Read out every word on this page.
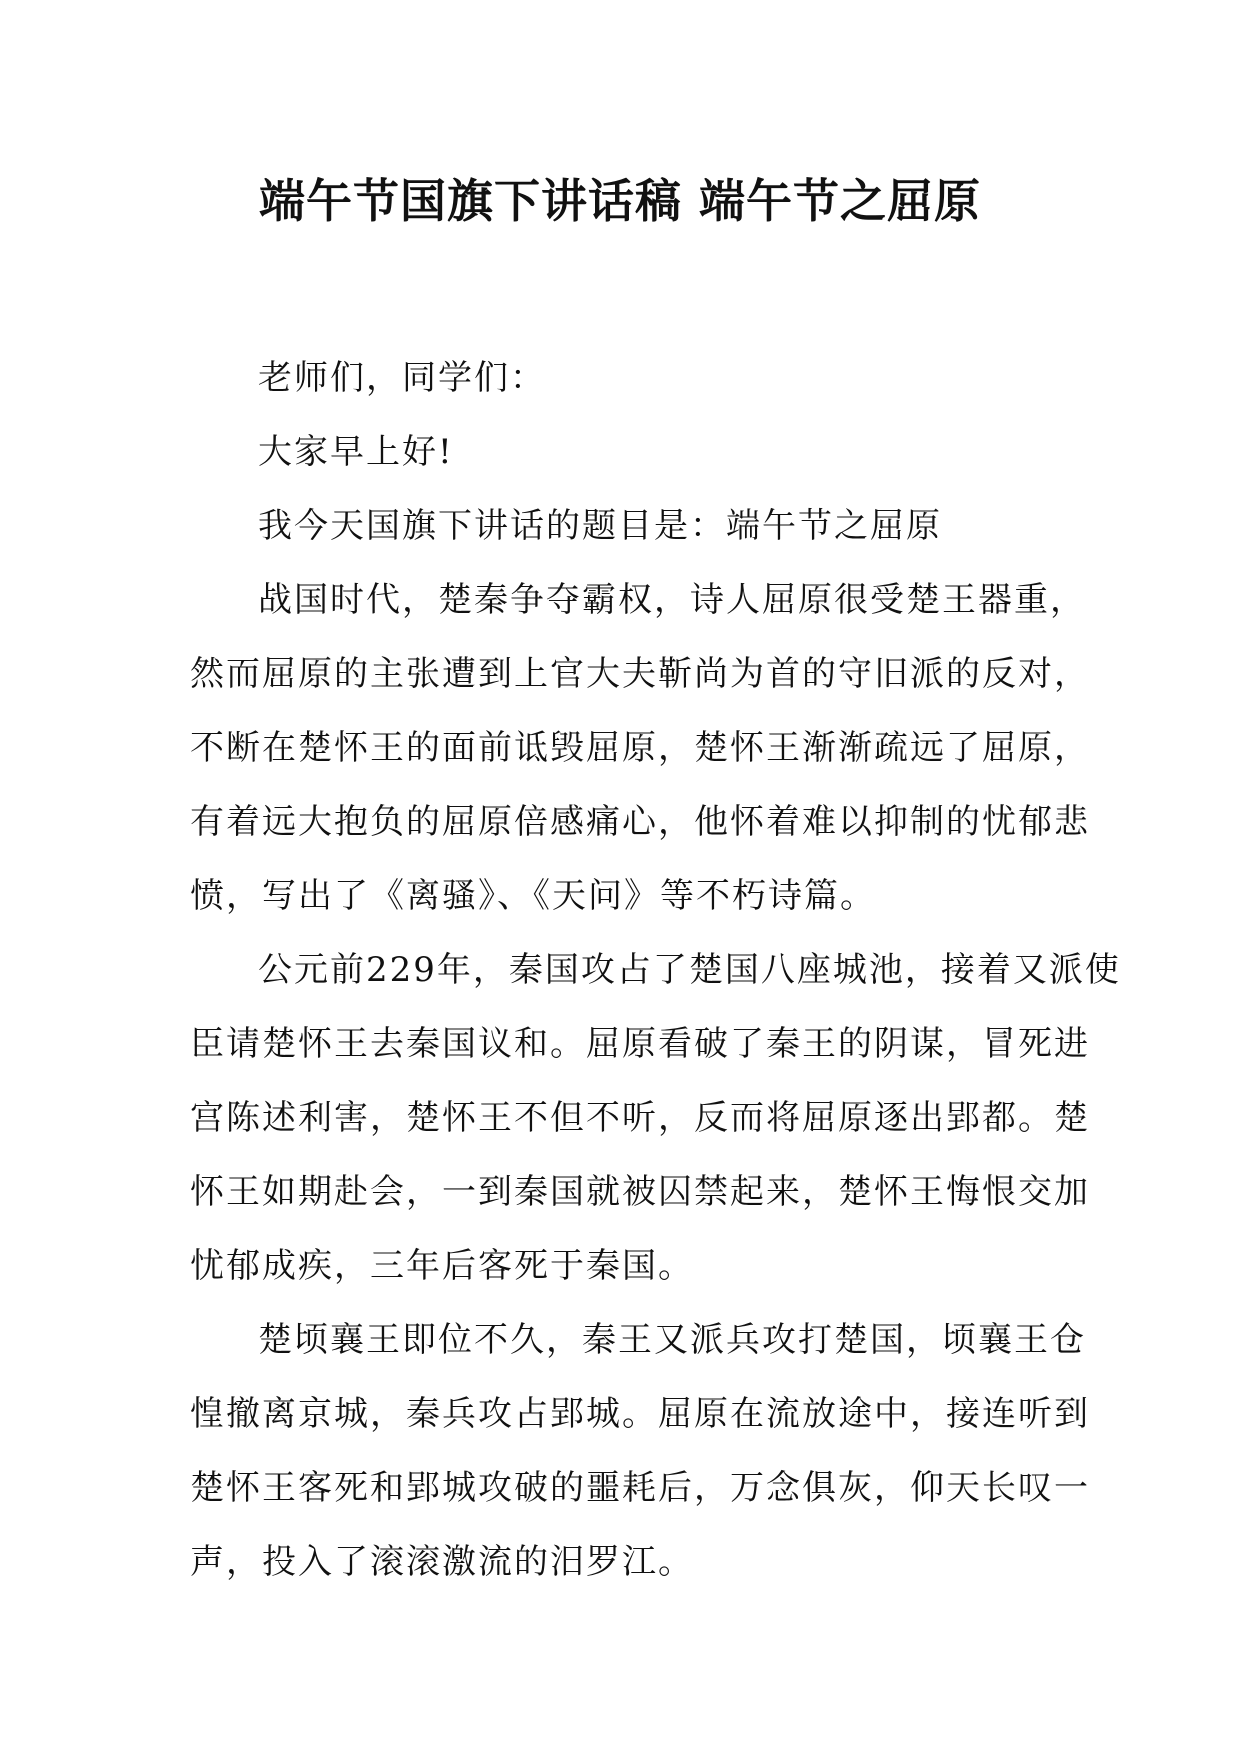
端午节国旗下讲话稿 端午节之屈原
老师们，同学们：
大家早上好!
我今天国旗下讲话的题目是：端午节之屈原
战国时代，楚秦争夺霸权，诗人屈原很受楚王器重，
然而屈原的主张遭到上官大夫靳尚为首的守旧派的反对，
不断在楚怀王的面前诋毁屈原，楚怀王渐渐疏远了屈原，
有着远大抱负的屈原倍感痛心，他怀着难以抑制的忧郁悲
愤，写出了《离骚》、《天问》等不朽诗篇。
公元前229年，秦国攻占了楚国八座城池，接着又派使
臣请楚怀王去秦国议和。屈原看破了秦王的阴谋，冒死进
宫陈述利害，楚怀王不但不听，反而将屈原逐出郢都。楚
怀王如期赴会，一到秦国就被囚禁起来，楚怀王悔恨交加
忧郁成疾，三年后客死于秦国。
楚顷襄王即位不久，秦王又派兵攻打楚国，顷襄王仓
惶撤离京城，秦兵攻占郢城。屈原在流放途中，接连听到
楚怀王客死和郢城攻破的噩耗后，万念俱灰，仰天长叹一
声，投入了滚滚激流的汨罗江。
